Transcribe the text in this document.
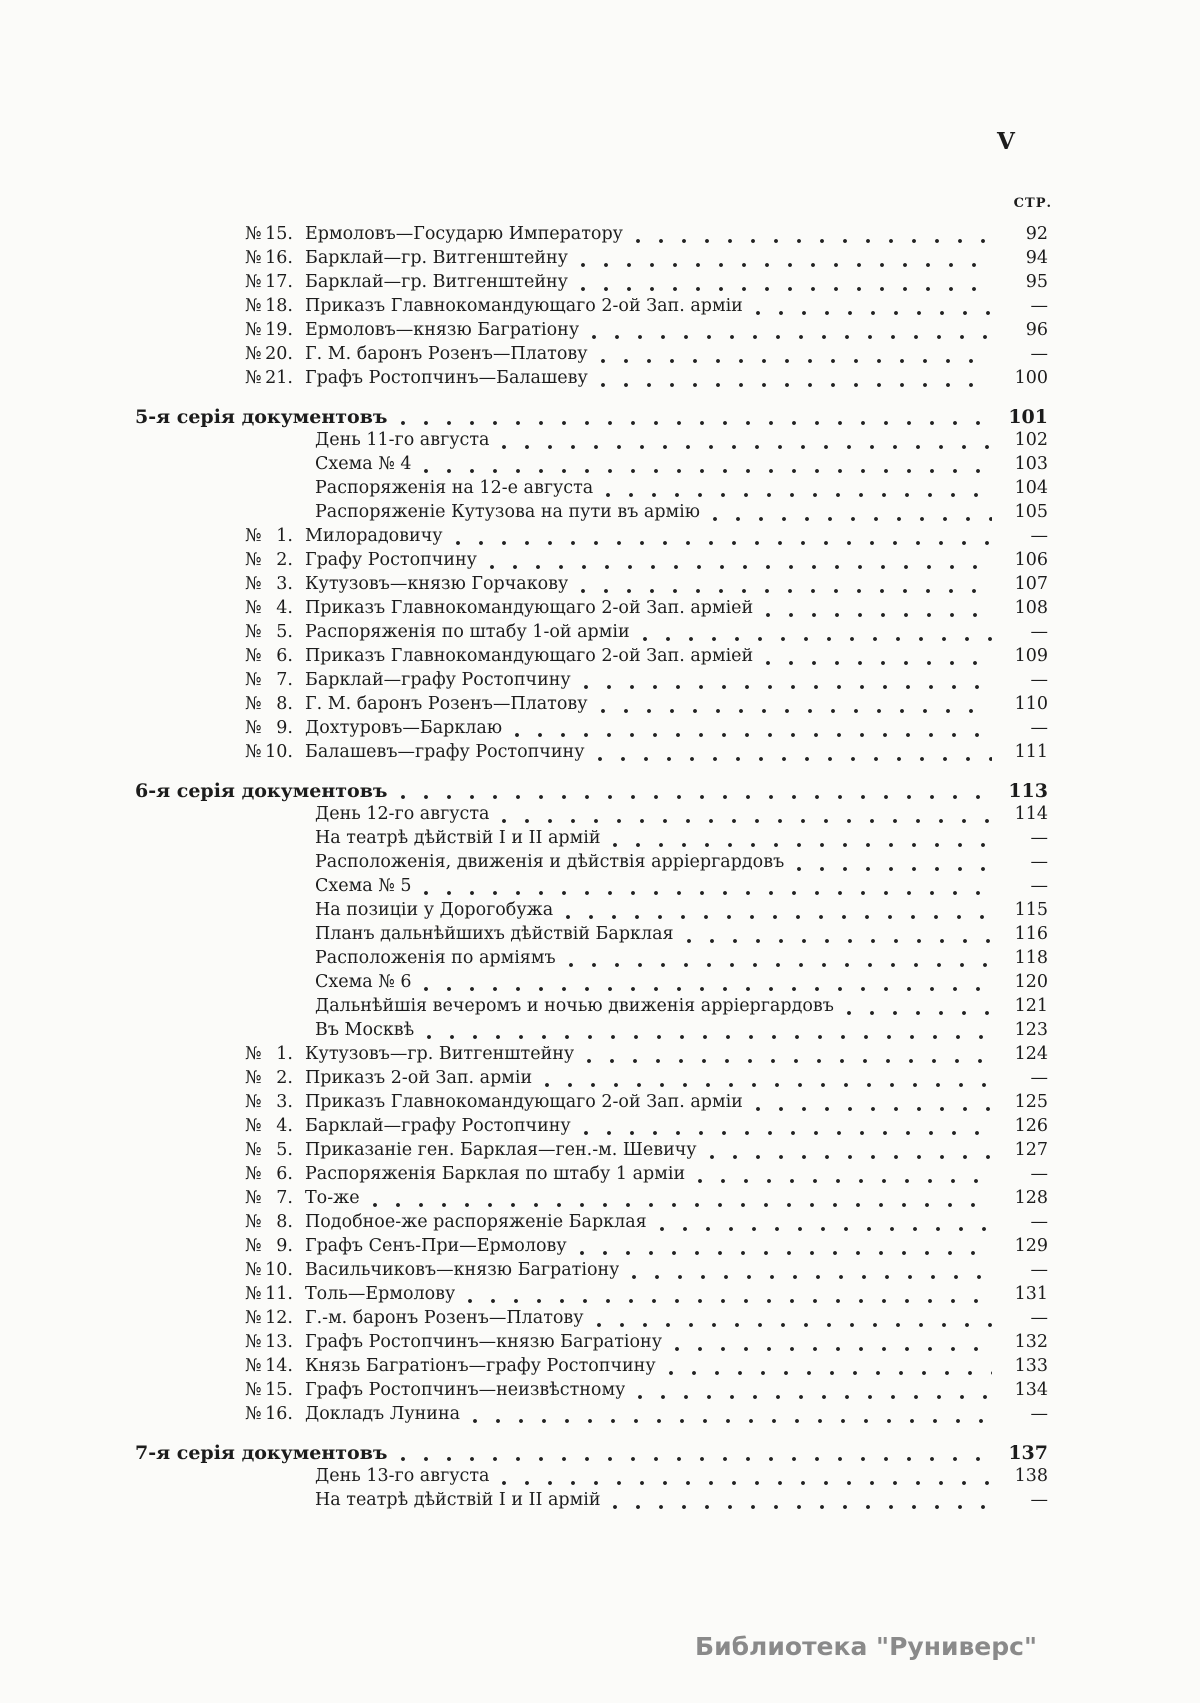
V
СТР.
№ 15. Ермоловъ—Государю Императору	92
№ 16. Барклай—гр. Витгенштейну	94
№ 17. Барклай—гр. Витгенштейну	95
№ 18. Приказъ Главнокомандующаго 2-ой Зап. арміи	—
№ 19. Ермоловъ—князю Багратіону	96
№ 20. Г. М. баронъ Розенъ—Платову	—
№ 21. Графъ Ростопчинъ—Балашеву	100
5-я серія документовъ	101
День 11-го августа	102
Схема № 4	103
Распоряженія на 12-е августа	104
Распоряженіе Кутузова на пути въ армію	105
№ 1. Милорадовичу	—
№ 2. Графу Ростопчину	106
№ 3. Кутузовъ—князю Горчакову	107
№ 4. Приказъ Главнокомандующаго 2-ой Зап. арміей	108
№ 5. Распоряженія по штабу 1-ой арміи	—
№ 6. Приказъ Главнокомандующаго 2-ой Зап. арміей	109
№ 7. Барклай—графу Ростопчину	—
№ 8. Г. М. баронъ Розенъ—Платову	110
№ 9. Дохтуровъ—Барклаю	—
№ 10. Балашевъ—графу Ростопчину	111
6-я серія документовъ	113
День 12-го августа	114
На театрѣ дѣйствій I и II армій	—
Расположенія, движенія и дѣйствія арріергардовъ	—
Схема № 5	—
На позиціи у Дорогобужа	115
Планъ дальнѣйшихъ дѣйствій Барклая	116
Расположенія по арміямъ	118
Схема № 6	120
Дальнѣйшія вечеромъ и ночью движенія арріергардовъ	121
Въ Москвѣ	123
№ 1. Кутузовъ—гр. Витгенштейну	124
№ 2. Приказъ 2-ой Зап. арміи	—
№ 3. Приказъ Главнокомандующаго 2-ой Зап. арміи	125
№ 4. Барклай—графу Ростопчину	126
№ 5. Приказаніе ген. Барклая—ген.-м. Шевичу	127
№ 6. Распоряженія Барклая по штабу 1 арміи	—
№ 7. То-же	128
№ 8. Подобное-же распоряженіе Барклая	—
№ 9. Графъ Сенъ-При—Ермолову	129
№ 10. Васильчиковъ—князю Багратіону	—
№ 11. Толь—Ермолову	131
№ 12. Г.-м. баронъ Розенъ—Платову	—
№ 13. Графъ Ростопчинъ—князю Багратіону	132
№ 14. Князь Багратіонъ—графу Ростопчину	133
№ 15. Графъ Ростопчинъ—неизвѣстному	134
№ 16. Докладъ Лунина	—
7-я серія документовъ	137
День 13-го августа	138
На театрѣ дѣйствій I и II армій	—
Библиотека "Руниверс"
